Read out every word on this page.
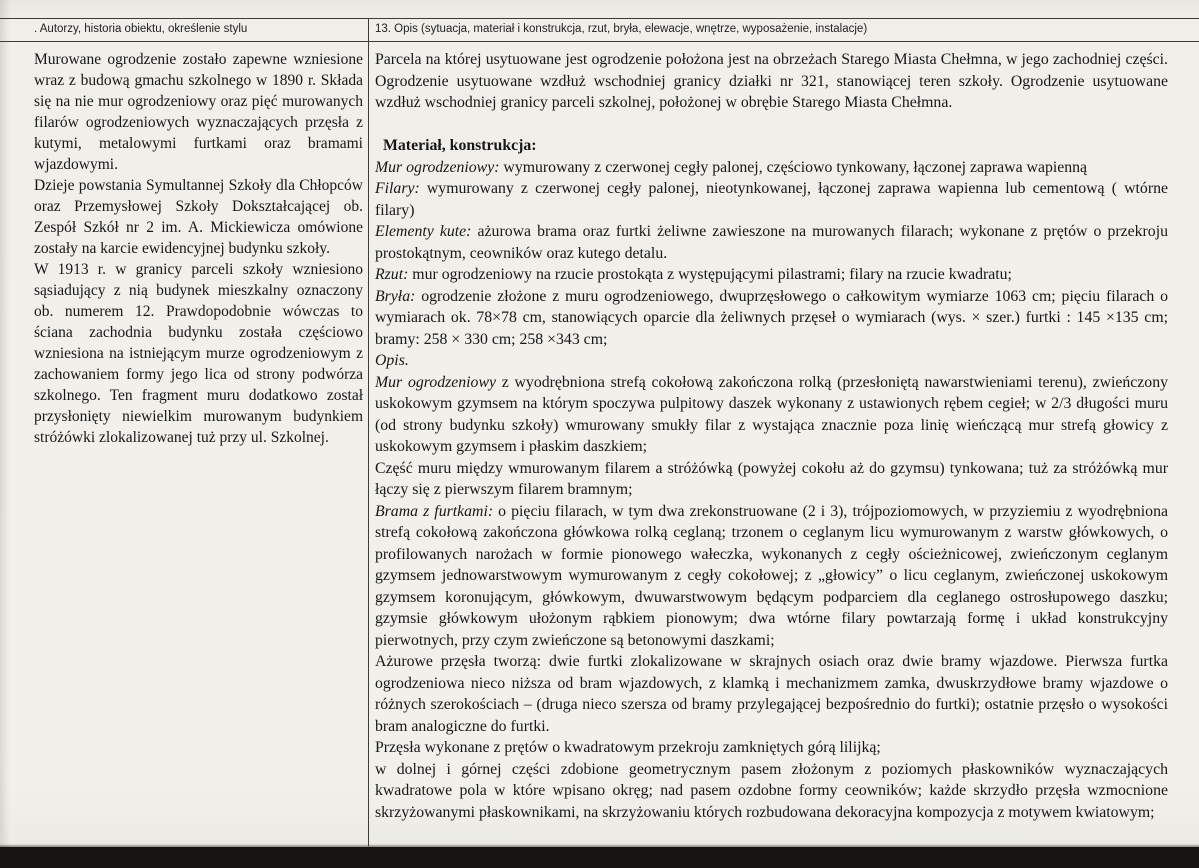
. Autorzy, historia obiektu, określenie stylu	13. Opis (sytuacja, materiał i konstrukcja, rzut, bryła, elewacje, wnętrze, wyposażenie, instalacje)

Murowane ogrodzenie zostało zapewne wzniesione wraz z budową gmachu szkolnego w 1890 r. Składa się na nie mur ogrodzeniowy oraz pięć murowanych filarów ogrodzeniowych wyznaczających przęsła z kutymi, metalowymi furtkami oraz bramami wjazdowymi.

Dzieje powstania Symultannej Szkoły dla Chłopców oraz Przemysłowej Szkoły Dokształcającej ob. Zespół Szkół nr 2 im. A. Mickiewicza omówione zostały na karcie ewidencyjnej budynku szkoły.

W 1913 r. w granicy parceli szkoły wzniesiono sąsiadujący z nią budynek mieszkalny oznaczony ob. numerem 12. Prawdopodobnie wówczas to ściana zachodnia budynku została częściowo wzniesiona na istniejącym murze ogrodzeniowym z zachowaniem formy jego lica od strony podwórza szkolnego. Ten fragment muru dodatkowo został przysłonięty niewielkim murowanym budynkiem stróżówki zlokalizowanej tuż przy ul. Szkolnej.

Parcela na której usytuowane jest ogrodzenie położona jest na obrzeżach Starego Miasta Chełmna, w jego zachodniej części. Ogrodzenie usytuowane wzdłuż wschodniej granicy działki nr 321, stanowiącej teren szkoły. Ogrodzenie usytuowane wzdłuż wschodniej granicy parceli szkolnej, położonej w obrębie Starego Miasta Chełmna.

Materiał, konstrukcja:

Mur ogrodzeniowy: wymurowany z czerwonej cegły palonej, częściowo tynkowany, łączonej zaprawa wapienną

Filary: wymurowany z czerwonej cegły palonej, nieotynkowanej, łączonej zaprawa wapienna lub cementową ( wtórne filary)

Elementy kute: ażurowa brama oraz furtki żeliwne zawieszone na murowanych filarach; wykonane z prętów o przekroju prostokątnym, ceowników oraz kutego detalu.

Rzut: mur ogrodzeniowy na rzucie prostokąta z występującymi pilastrami; filary na rzucie kwadratu;

Bryła: ogrodzenie złożone z muru ogrodzeniowego, dwuprzęsłowego o całkowitym wymiarze 1063 cm; pięciu filarach o wymiarach ok. 78×78 cm, stanowiących oparcie dla żeliwnych przęseł o wymiarach (wys. × szer.) furtki : 145 ×135 cm; bramy: 258 × 330 cm; 258 ×343 cm;

Opis.

Mur ogrodzeniowy z wyodrębniona strefą cokołową zakończona rolką (przesłoniętą nawarstwieniami terenu), zwieńczony uskokowym gzymsem na którym spoczywa pulpitowy daszek wykonany z ustawionych rębem cegieł; w 2/3 długości muru (od strony budynku szkoły) wmurowany smukły filar z wystająca znacznie poza linię wieńczącą mur strefą głowicy z uskokowym gzymsem i płaskim daszkiem;

Część muru między wmurowanym filarem a stróżówką (powyżej cokołu aż do gzymsu) tynkowana; tuż za stróżówką mur łączy się z pierwszym filarem bramnym;

Brama z furtkami: o pięciu filarach, w tym dwa zrekonstruowane (2 i 3), trójpoziomowych, w przyziemiu z wyodrębniona strefą cokołową zakończona główkowa rolką ceglaną; trzonem o ceglanym licu wymurowanym z warstw główkowych, o profilowanych narożach w formie pionowego wałeczka, wykonanych z cegły ościeżnicowej, zwieńczonym ceglanym gzymsem jednowarstwowym wymurowanym z cegły cokołowej; z „głowicy” o licu ceglanym, zwieńczonej uskokowym gzymsem koronującym, główkowym, dwuwarstwowym będącym podparciem dla ceglanego ostrosłupowego daszku; gzymsie główkowym ułożonym rąbkiem pionowym; dwa wtórne filary powtarzają formę i układ konstrukcyjny pierwotnych, przy czym zwieńczone są betonowymi daszkami;

Ażurowe przęsła tworzą: dwie furtki zlokalizowane w skrajnych osiach oraz dwie bramy wjazdowe. Pierwsza furtka ogrodzeniowa nieco niższa od bram wjazdowych, z klamką i mechanizmem zamka, dwuskrzydłowe bramy wjazdowe o różnych szerokościach – (druga nieco szersza od bramy przylegającej bezpośrednio do furtki); ostatnie przęsło o wysokości bram analogiczne do furtki.

Przęsła wykonane z prętów o kwadratowym przekroju zamkniętych górą lilijką;

w dolnej i górnej części zdobione geometrycznym pasem złożonym z poziomych płaskowników wyznaczających kwadratowe pola w które wpisano okręg; nad pasem ozdobne formy ceowników; każde skrzydło przęsła wzmocnione skrzyżowanymi płaskownikami, na skrzyżowaniu których rozbudowana dekoracyjna kompozycja z motywem kwiatowym;
